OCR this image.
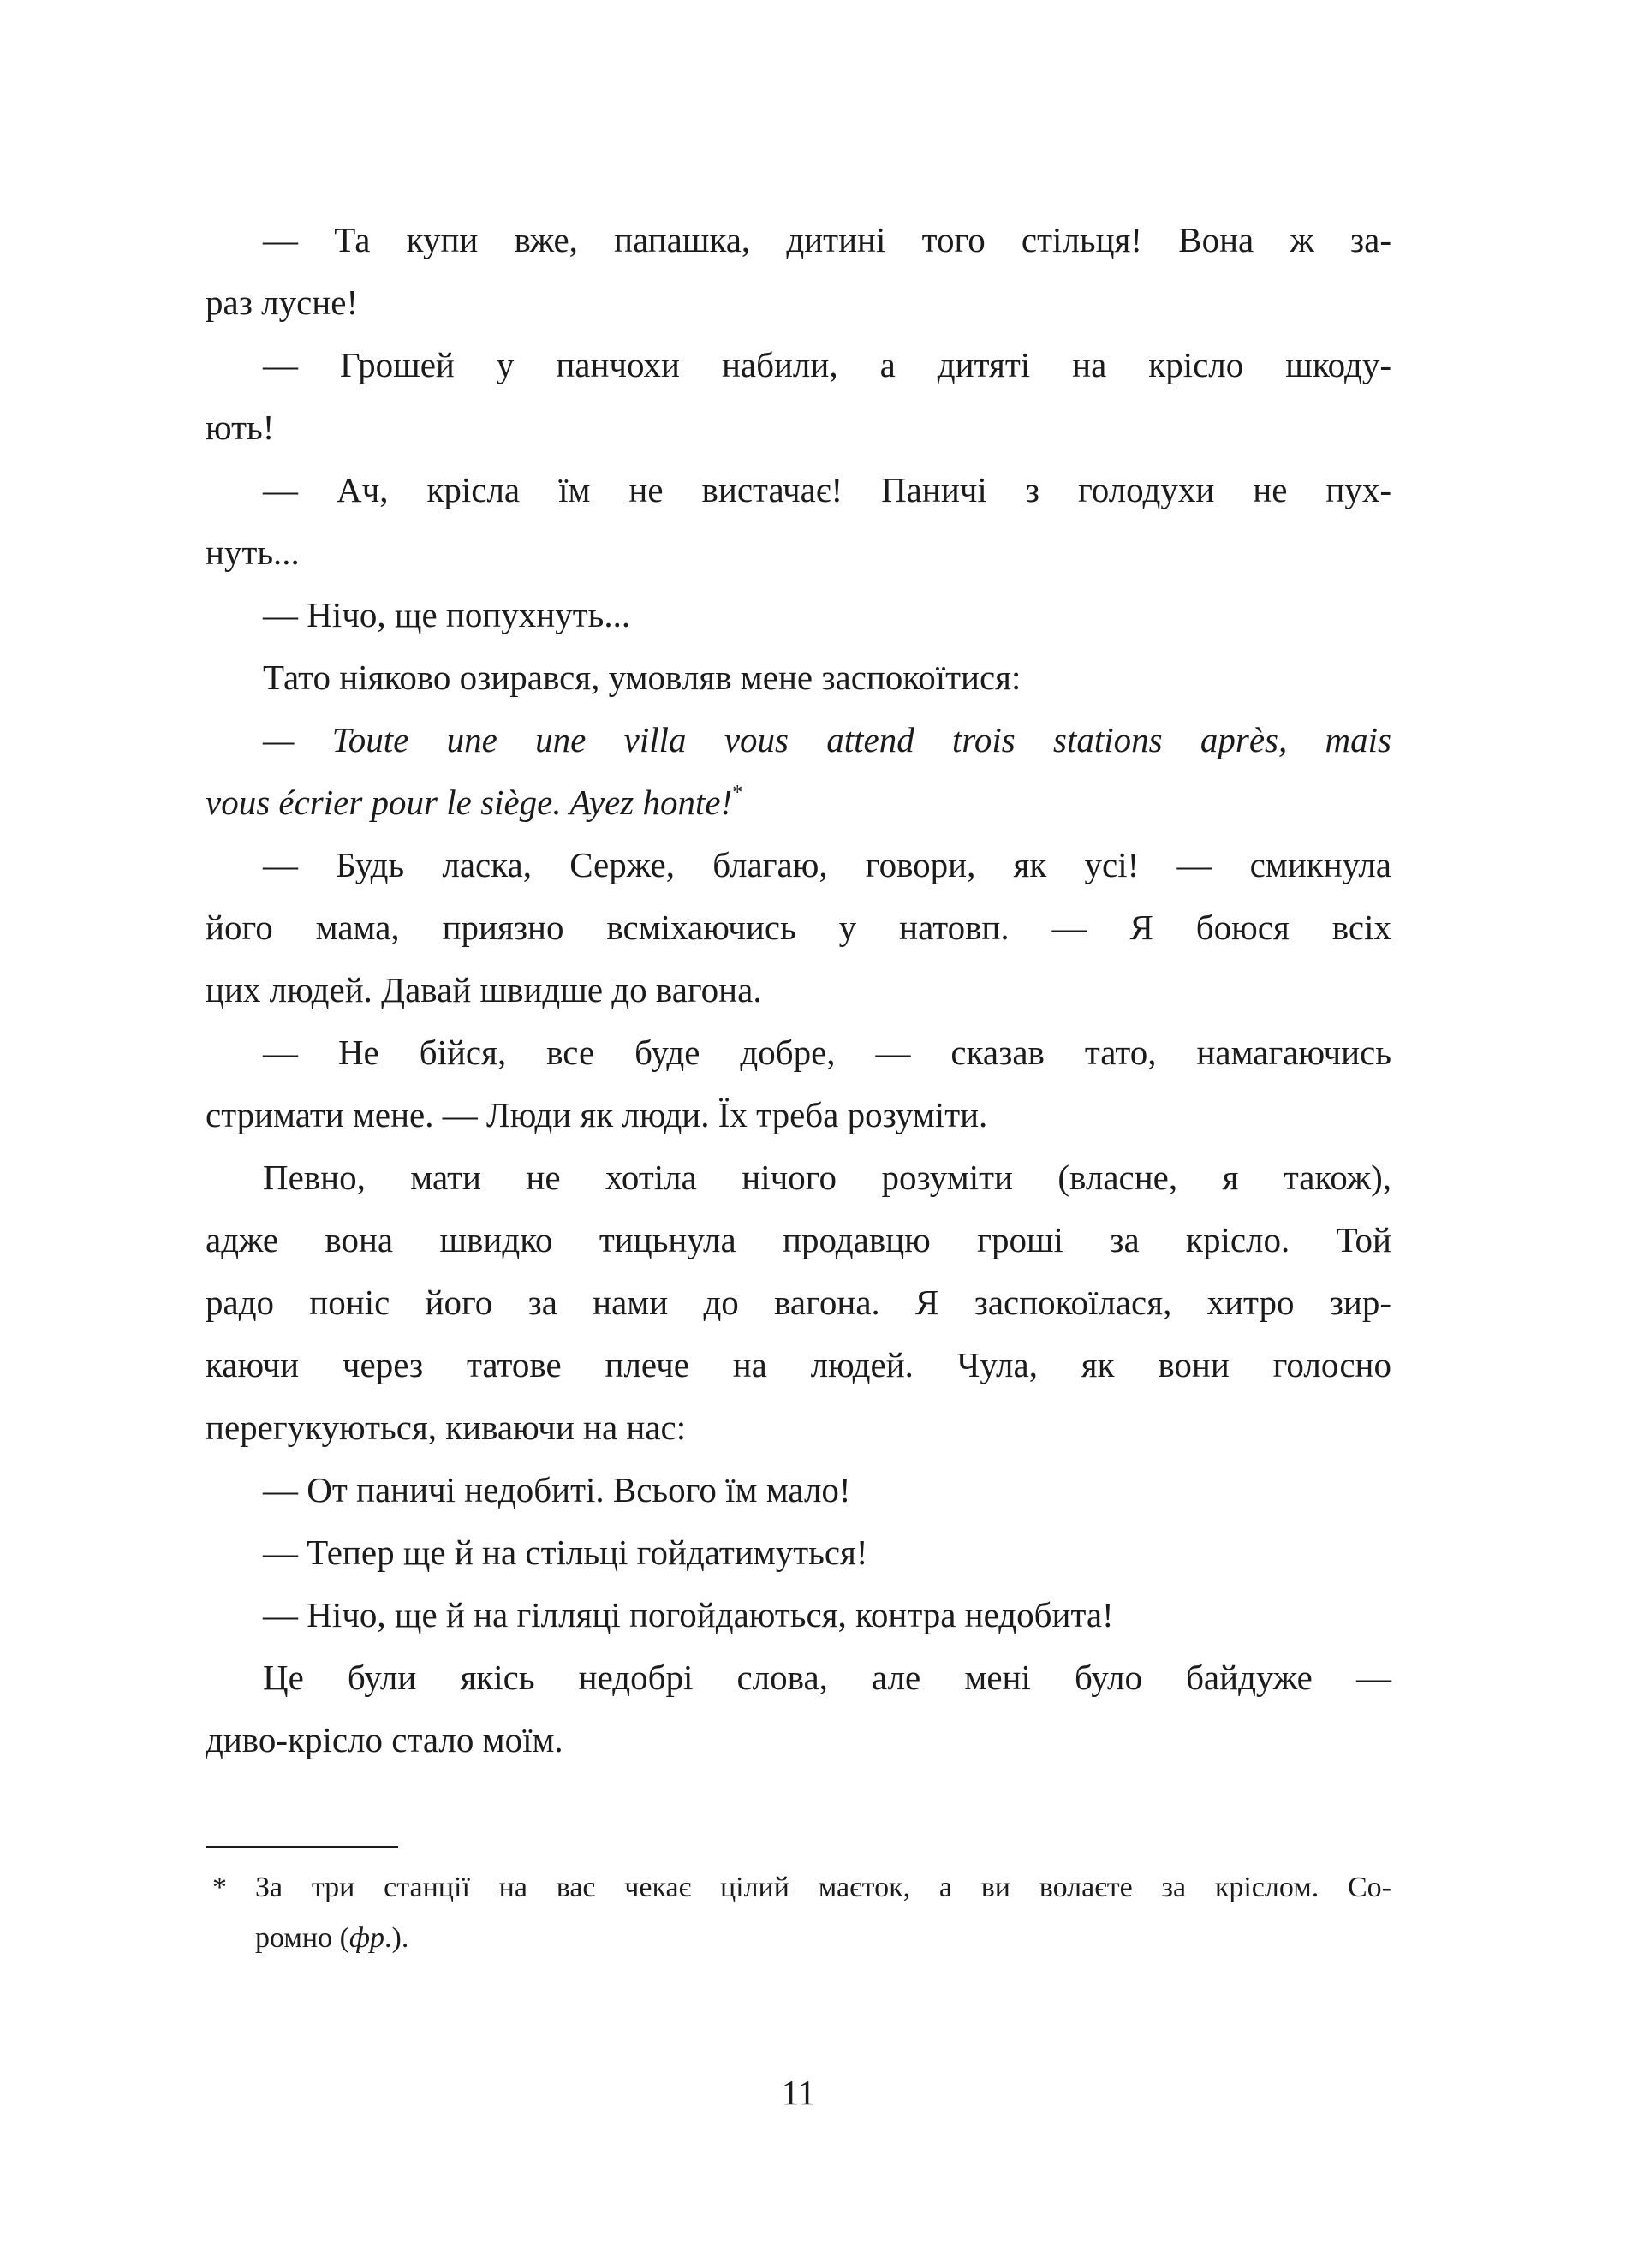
— Та купи вже, папашка, дитині того стільця! Вона ж за-
раз лусне!
— Грошей у панчохи набили, а дитяті на крісло шкоду-
ють!
— Ач, крісла їм не вистачає! Паничі з голодухи не пух-
нуть...
— Нічо, ще попухнуть...
Тато ніяково озирався, умовляв мене заспокоїтися:
— Toute une une villa vous attend trois stations après, mais
vous écrier pour le siège. Ayez honte!*
— Будь ласка, Серже, благаю, говори, як усі! — смикнула
його мама, приязно всміхаючись у натовп. — Я боюся всіх
цих людей. Давай швидше до вагона.
— Не бійся, все буде добре, — сказав тато, намагаючись
стримати мене. — Люди як люди. Їх треба розуміти.
Певно, мати не хотіла нічого розуміти (власне, я також),
адже вона швидко тицьнула продавцю гроші за крісло. Той
радо поніс його за нами до вагона. Я заспокоїлася, хитро зир-
каючи через татове плече на людей. Чула, як вони голосно
перегукуються, киваючи на нас:
— От паничі недобиті. Всього їм мало!
— Тепер ще й на стільці гойдатимуться!
— Нічо, ще й на гілляці погойдаються, контра недобита!
Це були якісь недобрі слова, але мені було байдуже —
диво-крісло стало моїм.
* За три станції на вас чекає цілий маєток, а ви волаєте за кріслом. Со-
ромно (фр.).
11
